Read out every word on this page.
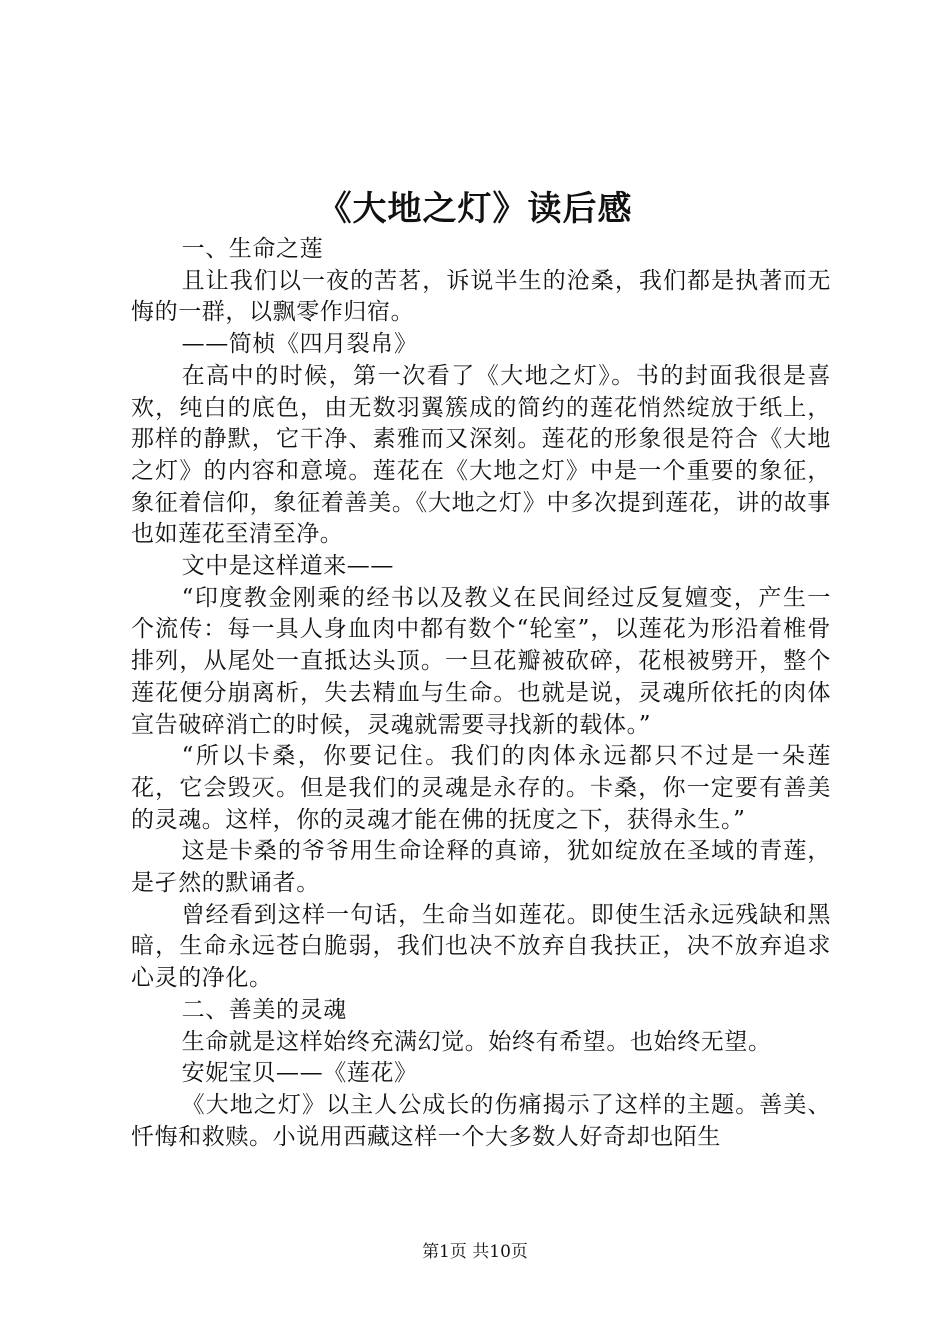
《大地之灯》读后感

一、生命之莲

且让我们以一夜的苦茗，诉说半生的沧桑，我们都是执著而无悔的一群，以飘零作归宿。

——简桢《四月裂帛》

在高中的时候，第一次看了《大地之灯》。书的封面我很是喜欢，纯白的底色，由无数羽翼簇成的简约的莲花悄然绽放于纸上，那样的静默，它干净、素雅而又深刻。莲花的形象很是符合《大地之灯》的内容和意境。莲花在《大地之灯》中是一个重要的象征，象征着信仰，象征着善美。《大地之灯》中多次提到莲花，讲的故事也如莲花至清至净。

文中是这样道来——

“印度教金刚乘的经书以及教义在民间经过反复嬗变，产生一个流传：每一具人身血肉中都有数个“轮室”，以莲花为形沿着椎骨排列，从尾处一直抵达头顶。一旦花瓣被砍碎，花根被劈开，整个莲花便分崩离析，失去精血与生命。也就是说，灵魂所依托的肉体宣告破碎消亡的时候，灵魂就需要寻找新的载体。”

“所以卡桑，你要记住。我们的肉体永远都只不过是一朵莲花，它会毁灭。但是我们的灵魂是永存的。卡桑，你一定要有善美的灵魂。这样，你的灵魂才能在佛的抚度之下，获得永生。”

这是卡桑的爷爷用生命诠释的真谛，犹如绽放在圣域的青莲，是孑然的默诵者。

曾经看到这样一句话，生命当如莲花。即使生活永远残缺和黑暗，生命永远苍白脆弱，我们也决不放弃自我扶正，决不放弃追求心灵的净化。

二、善美的灵魂

生命就是这样始终充满幻觉。始终有希望。也始终无望。

安妮宝贝——《莲花》

《大地之灯》以主人公成长的伤痛揭示了这样的主题。善美、忏悔和救赎。小说用西藏这样一个大多数人好奇却也陌生

第1页 共10页
